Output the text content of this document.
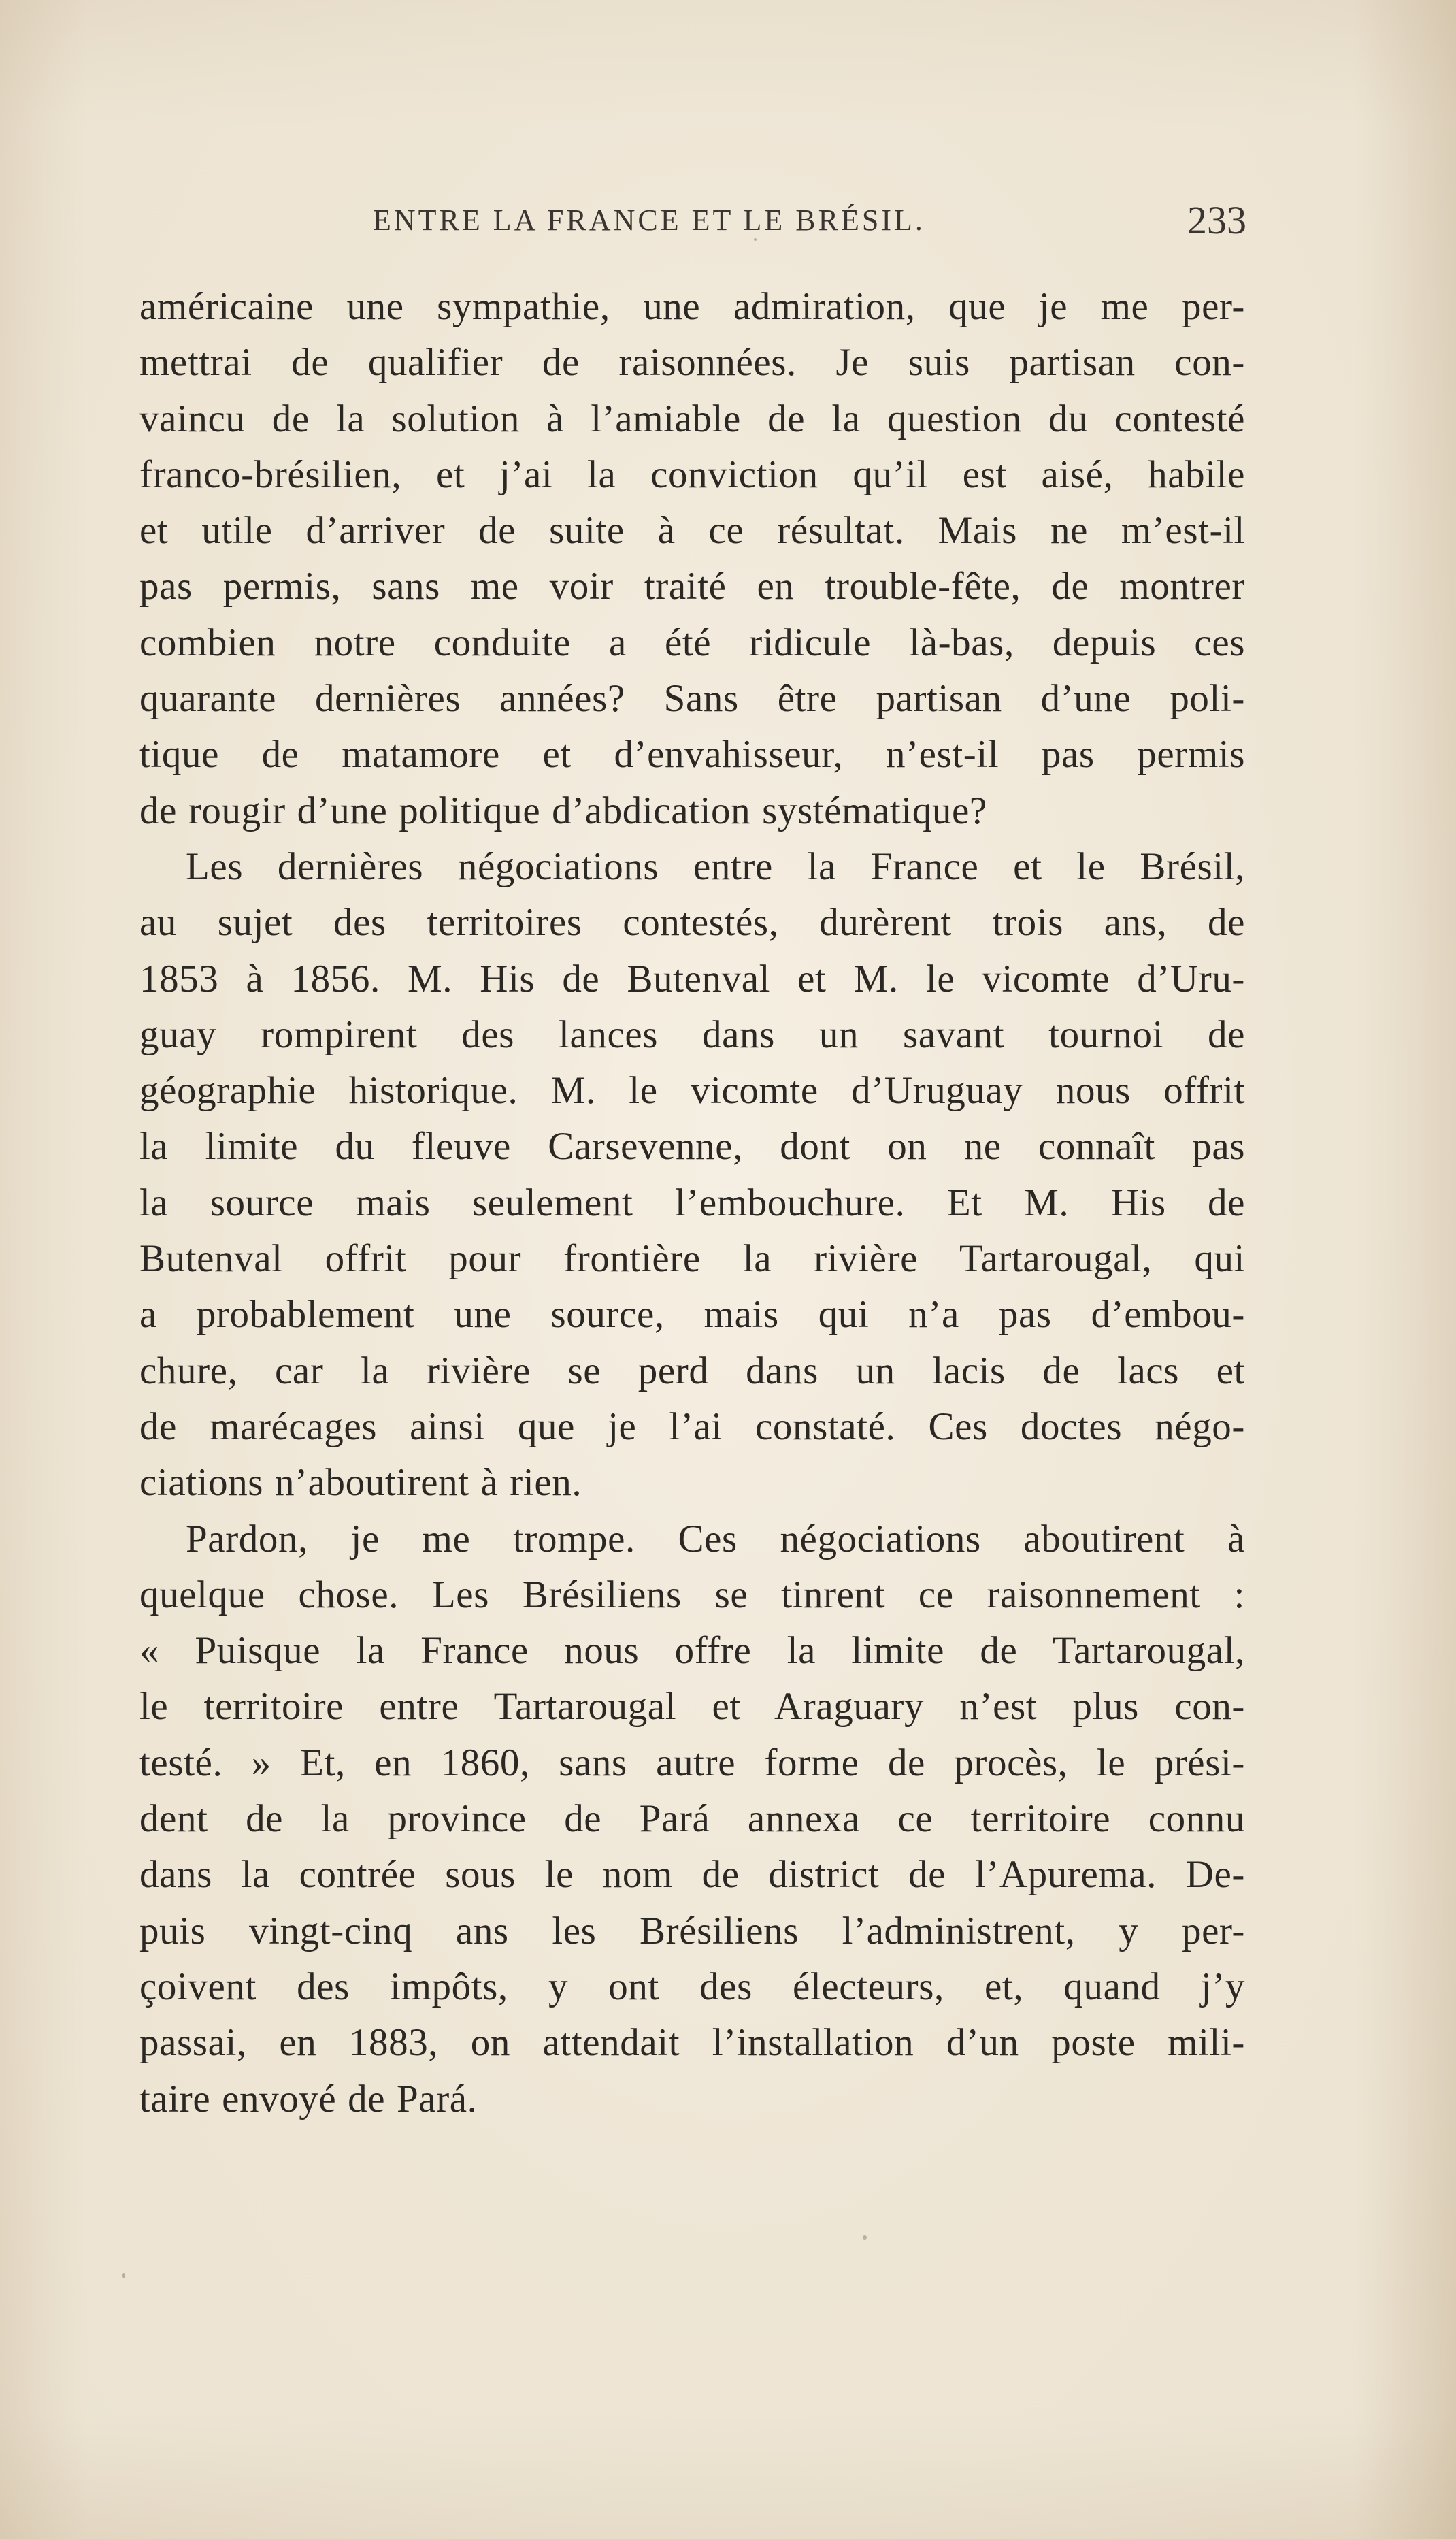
ENTRE LA FRANCE ET LE BRÉSIL.	233
américaine une sympathie, une admiration, que je me per-
mettrai de qualifier de raisonnées. Je suis partisan con-
vaincu de la solution à l’amiable de la question du contesté
franco-brésilien, et j’ai la conviction qu’il est aisé, habile
et utile d’arriver de suite à ce résultat. Mais ne m’est-il
pas permis, sans me voir traité en trouble-fête, de montrer
combien notre conduite a été ridicule là-bas, depuis ces
quarante dernières années? Sans être partisan d’une poli-
tique de matamore et d’envahisseur, n’est-il pas permis
de rougir d’une politique d’abdication systématique?
Les dernières négociations entre la France et le Brésil,
au sujet des territoires contestés, durèrent trois ans, de
1853 à 1856. M. His de Butenval et M. le vicomte d’Uru-
guay rompirent des lances dans un savant tournoi de
géographie historique. M. le vicomte d’Uruguay nous offrit
la limite du fleuve Carsevenne, dont on ne connaît pas
la source mais seulement l’embouchure. Et M. His de
Butenval offrit pour frontière la rivière Tartarougal, qui
a probablement une source, mais qui n’a pas d’embou-
chure, car la rivière se perd dans un lacis de lacs et
de marécages ainsi que je l’ai constaté. Ces doctes négo-
ciations n’aboutirent à rien.
Pardon, je me trompe. Ces négociations aboutirent à
quelque chose. Les Brésiliens se tinrent ce raisonnement :
« Puisque la France nous offre la limite de Tartarougal,
le territoire entre Tartarougal et Araguary n’est plus con-
testé. » Et, en 1860, sans autre forme de procès, le prési-
dent de la province de Pará annexa ce territoire connu
dans la contrée sous le nom de district de l’Apurema. De-
puis vingt-cinq ans les Brésiliens l’administrent, y per-
çoivent des impôts, y ont des électeurs, et, quand j’y
passai, en 1883, on attendait l’installation d’un poste mili-
taire envoyé de Pará.
